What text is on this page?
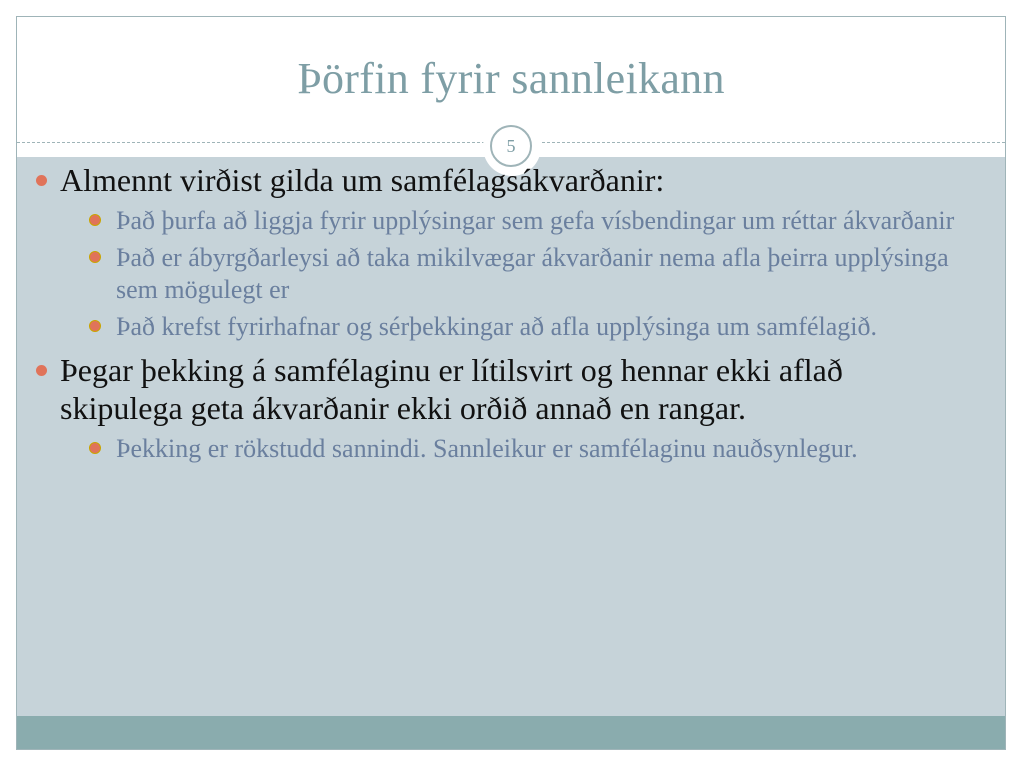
Þörfin fyrir sannleikann
5
Almennt virðist gilda um samfélagsákvarðanir:
Það þurfa að liggja fyrir upplýsingar sem gefa vísbendingar um réttar ákvarðanir
Það er ábyrgðarleysi að taka mikilvægar ákvarðanir nema afla þeirra upplýsinga sem mögulegt er
Það krefst fyrirhafnar og sérþekkingar að afla upplýsinga um samfélagið.
Þegar þekking á samfélaginu er lítilsvirt og hennar ekki aflað skipulega geta ákvarðanir ekki orðið annað en rangar.
Þekking er rökstudd sannindi. Sannleikur er samfélaginu nauðsynlegur.
